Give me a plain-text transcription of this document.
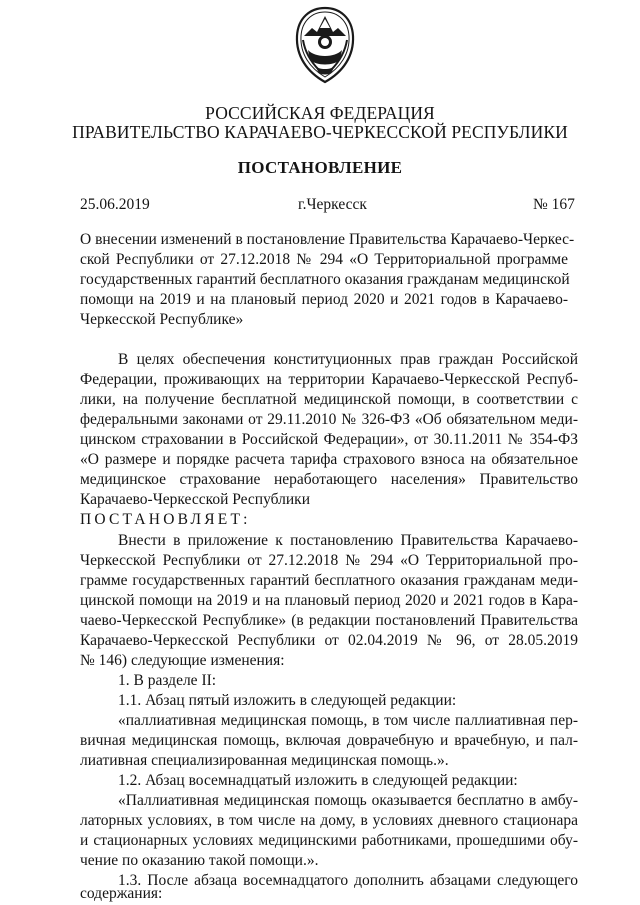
РОССИЙСКАЯ ФЕДЕРАЦИЯ
ПРАВИТЕЛЬСТВО КАРАЧАЕВО-ЧЕРКЕССКОЙ РЕСПУБЛИКИ
ПОСТАНОВЛЕНИЕ
25.06.2019	г.Черкесск	№ 167
О внесении изменений в постановление Правительства Карачаево-Черкес-
ской Республики от 27.12.2018 № 294 «О Территориальной программе
государственных гарантий бесплатного оказания гражданам медицинской
помощи на 2019 и на плановый период 2020 и 2021 годов в Карачаево-
Черкесской Республике»
В целях обеспечения конституционных прав граждан Российской
Федерации, проживающих на территории Карачаево-Черкесской Респуб-
лики, на получение бесплатной медицинской помощи, в соответствии с
федеральными законами от 29.11.2010 № 326-ФЗ «Об обязательном меди-
цинском страховании в Российской Федерации», от 30.11.2011 № 354-ФЗ
«О размере и порядке расчета тарифа страхового взноса на обязательное
медицинское страхование неработающего населения» Правительство
Карачаево-Черкесской Республики
ПОСТАНОВЛЯЕТ:
Внести в приложение к постановлению Правительства Карачаево-
Черкесской Республики от 27.12.2018 № 294 «О Территориальной про-
грамме государственных гарантий бесплатного оказания гражданам меди-
цинской помощи на 2019 и на плановый период 2020 и 2021 годов в Кара-
чаево-Черкесской Республике» (в редакции постановлений Правительства
Карачаево-Черкесской Республики от 02.04.2019 № 96, от 28.05.2019
№ 146) следующие изменения:
1. В разделе II:
1.1. Абзац пятый изложить в следующей редакции:
«паллиативная медицинская помощь, в том числе паллиативная пер-
вичная медицинская помощь, включая доврачебную и врачебную, и пал-
лиативная специализированная медицинская помощь.».
1.2. Абзац восемнадцатый изложить в следующей редакции:
«Паллиативная медицинская помощь оказывается бесплатно в амбу-
латорных условиях, в том числе на дому, в условиях дневного стационара
и стационарных условиях медицинскими работниками, прошедшими обу-
чение по оказанию такой помощи.».
1.3. После абзаца восемнадцатого дополнить абзацами следующего
содержания:
